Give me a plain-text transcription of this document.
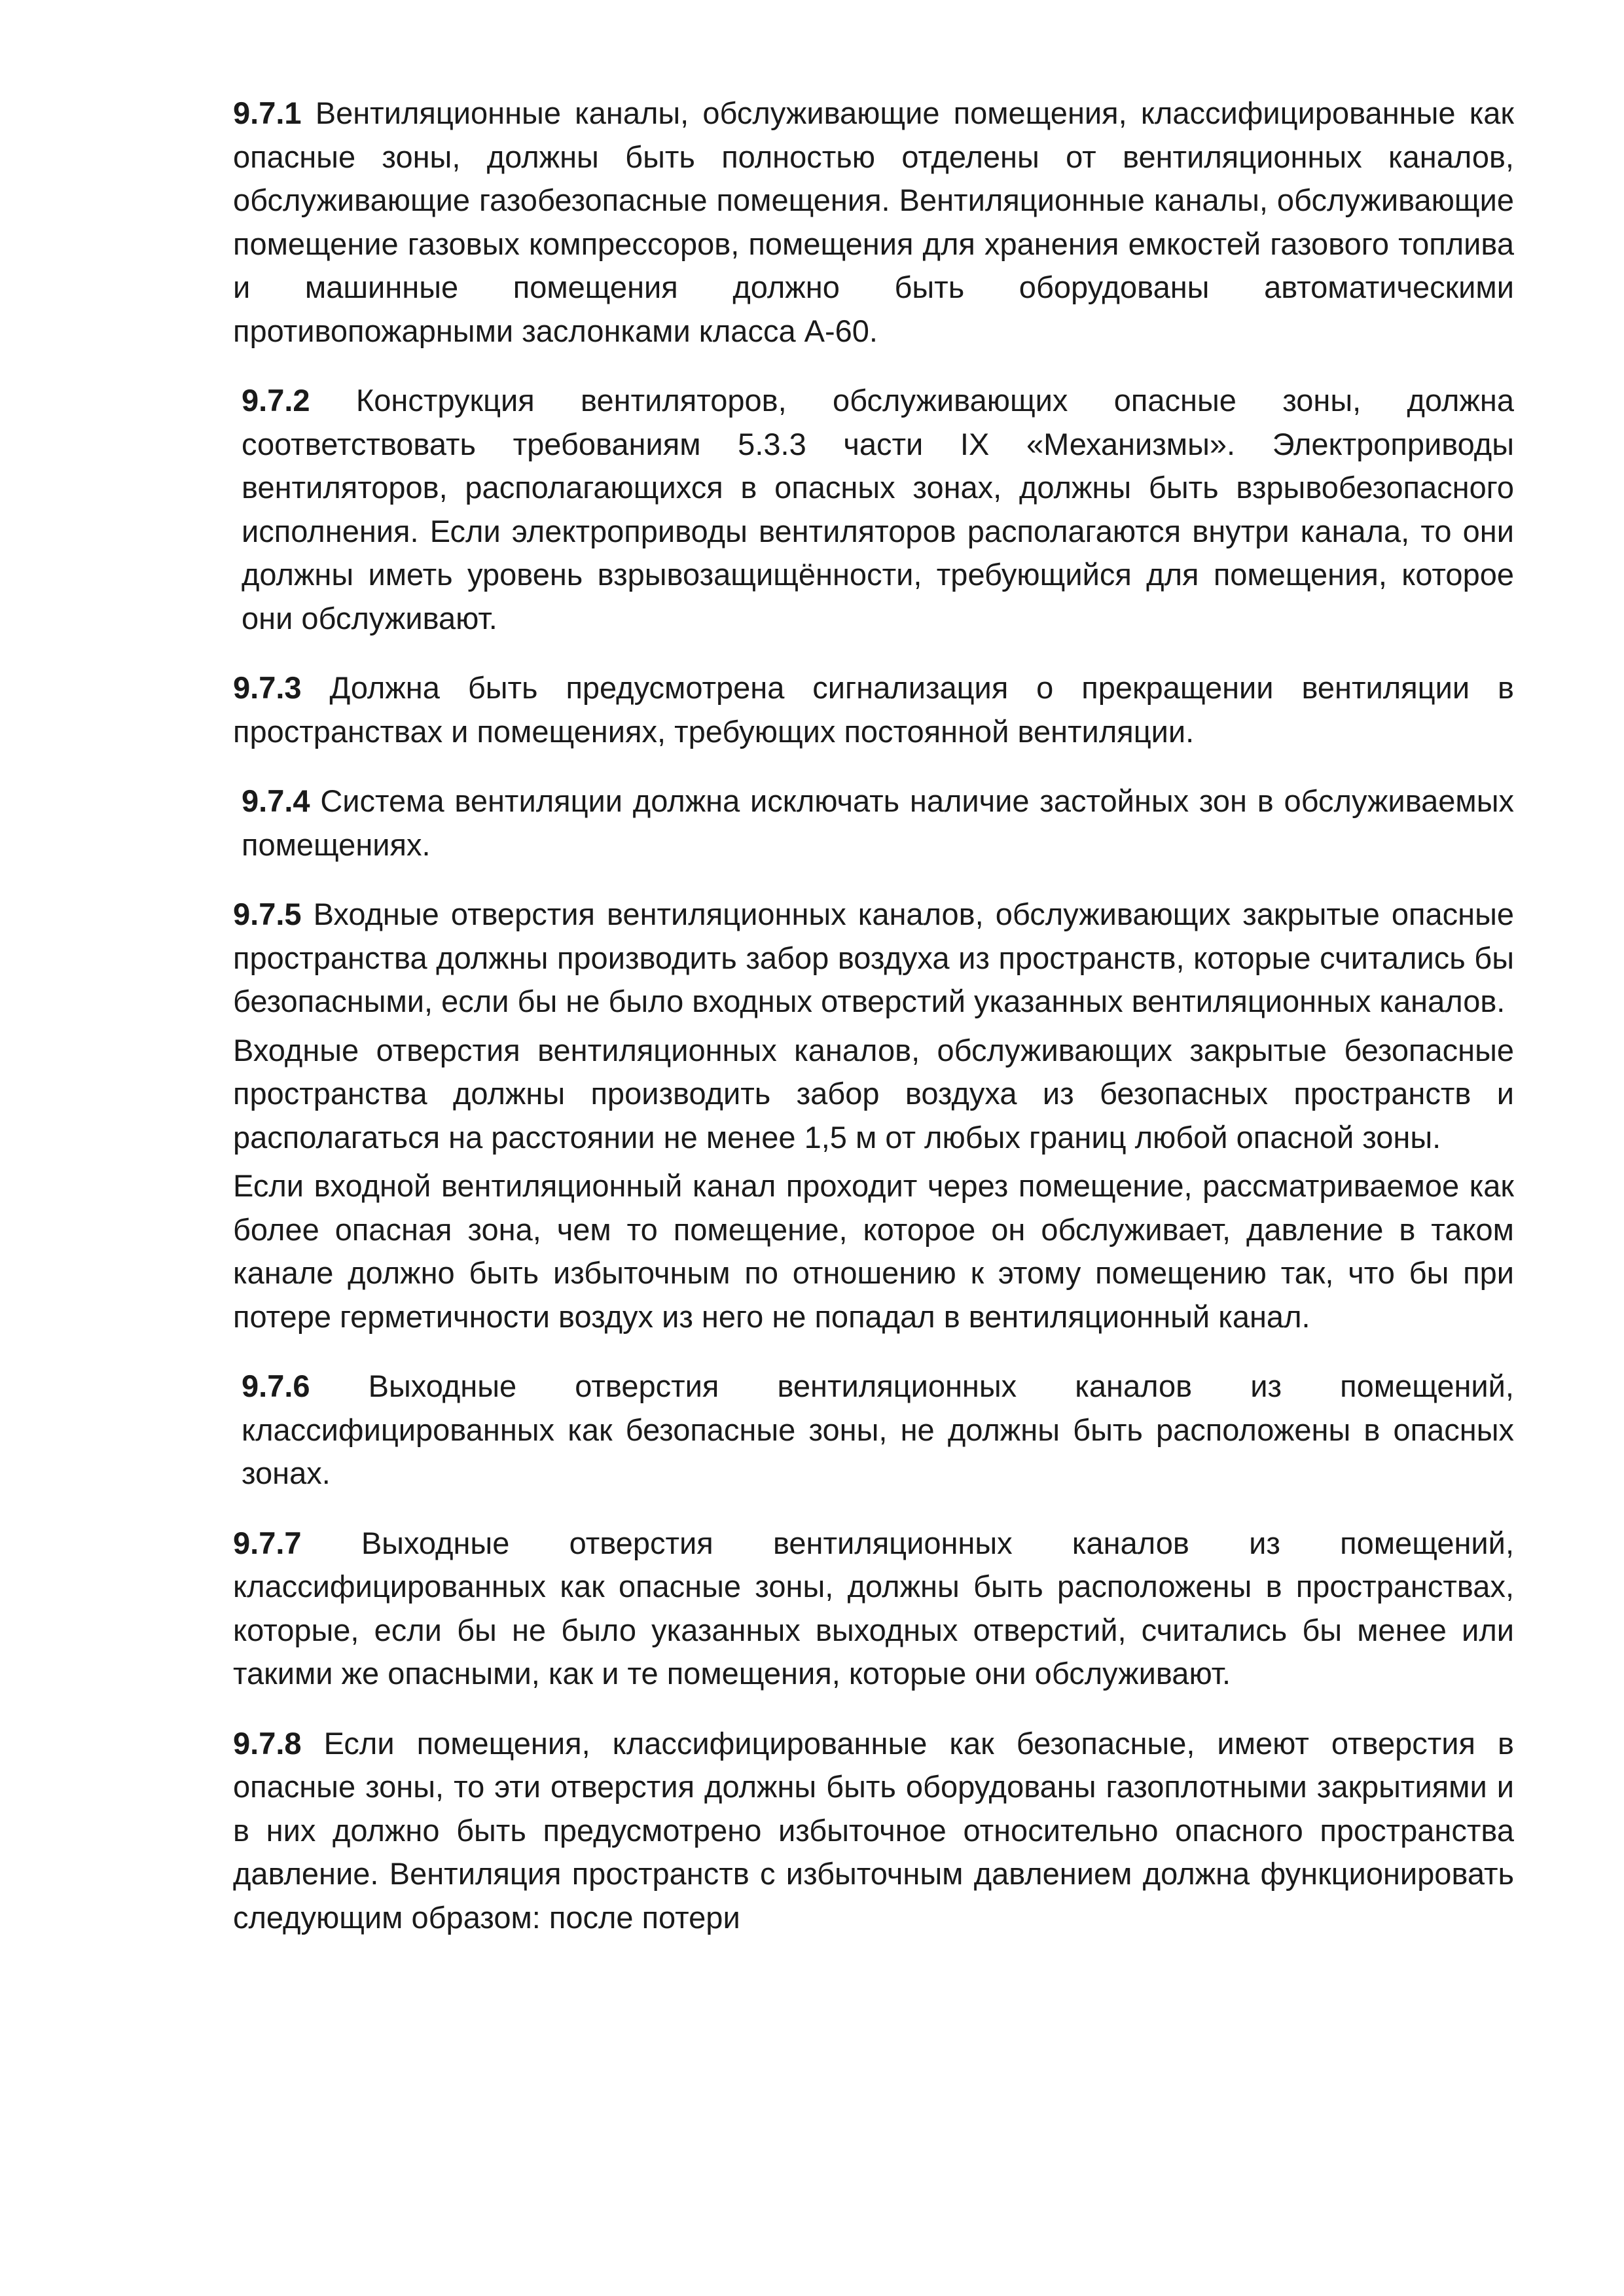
9.7.1 Вентиляционные каналы, обслуживающие помещения, классифицированные как опасные зоны, должны быть полностью отделены от вентиляционных каналов, обслуживающие газобезопасные помещения. Вентиляционные каналы, обслуживающие помещение газовых компрессоров, помещения для хранения емкостей газового топлива и машинные помещения должно быть оборудованы автоматическими противопожарными заслонками класса А-60.

9.7.2 Конструкция вентиляторов, обслуживающих опасные зоны, должна соответствовать требованиям 5.3.3 части IX «Механизмы». Электроприводы вентиляторов, располагающихся в опасных зонах, должны быть взрывобезопасного исполнения. Если электроприводы вентиляторов располагаются внутри канала, то они должны иметь уровень взрывозащищённости, требующийся для помещения, которое они обслуживают.

9.7.3 Должна быть предусмотрена сигнализация о прекращении вентиляции в пространствах и помещениях, требующих постоянной вентиляции.

9.7.4 Система вентиляции должна исключать наличие застойных зон в обслуживаемых помещениях.

9.7.5 Входные отверстия вентиляционных каналов, обслуживающих закрытые опасные пространства должны производить забор воздуха из пространств, которые считались бы безопасными, если бы не было входных отверстий указанных вентиляционных каналов.

Входные отверстия вентиляционных каналов, обслуживающих закрытые безопасные пространства должны производить забор воздуха из безопасных пространств и располагаться на расстоянии не менее 1,5 м от любых границ любой опасной зоны.

Если входной вентиляционный канал проходит через помещение, рассматриваемое как более опасная зона, чем то помещение, которое он обслуживает, давление в таком канале должно быть избыточным по отношению к этому помещению так, что бы при потере герметичности воздух из него не попадал в вентиляционный канал.

9.7.6 Выходные отверстия вентиляционных каналов из помещений, классифицированных как безопасные зоны, не должны быть расположены в опасных зонах.

9.7.7 Выходные отверстия вентиляционных каналов из помещений, классифицированных как опасные зоны, должны быть расположены в пространствах, которые, если бы не было указанных выходных отверстий, считались бы менее или такими же опасными, как и те помещения, которые они обслуживают.

9.7.8 Если помещения, классифицированные как безопасные, имеют отверстия в опасные зоны, то эти отверстия должны быть оборудованы газоплотными закрытиями и в них должно быть предусмотрено избыточное относительно опасного пространства давление. Вентиляция пространств с избыточным давлением должна функционировать следующим образом: после потери
